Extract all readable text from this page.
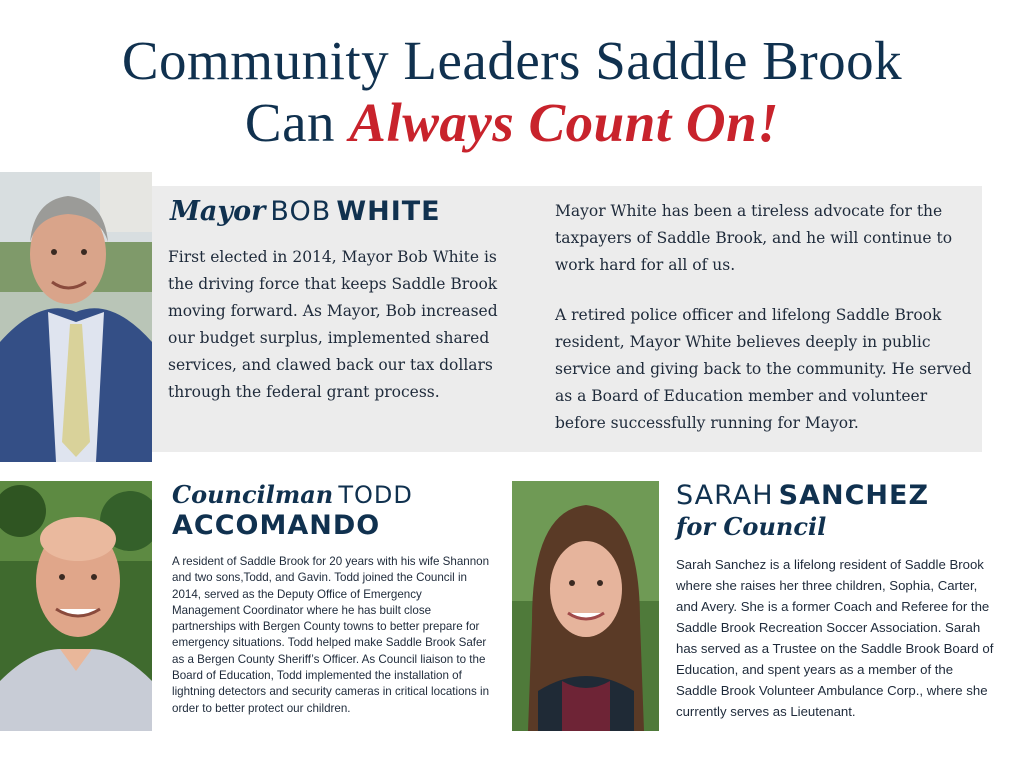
Community Leaders Saddle Brook
Can Always Count On!
Mayor BOB WHITE

First elected in 2014, Mayor Bob White is the driving force that keeps Saddle Brook moving forward. As Mayor, Bob increased our budget surplus, implemented shared services, and clawed back our tax dollars through the federal grant process.

Mayor White has been a tireless advocate for the taxpayers of Saddle Brook, and he will continue to work hard for all of us.

A retired police officer and lifelong Saddle Brook resident, Mayor White believes deeply in public service and giving back to the community. He served as a Board of Education member and volunteer before successfully running for Mayor.

Councilman TODD
ACCOMANDO

A resident of Saddle Brook for 20 years with his wife Shannon and two sons,Todd, and Gavin. Todd joined the Council in 2014, served as the Deputy Office of Emergency Management Coordinator where he has built close partnerships with Bergen County towns to better prepare for emergency situations. Todd helped make Saddle Brook Safer as a Bergen County Sheriff’s Officer. As Council liaison to the Board of Education, Todd implemented the installation of lightning detectors and security cameras in critical locations in order to better protect our children.

SARAH SANCHEZ
for Council

Sarah Sanchez is a lifelong resident of Saddle Brook where she raises her three children, Sophia, Carter, and Avery. She is a former Coach and Referee for the Saddle Brook Recreation Soccer Association. Sarah has served as a Trustee on the Saddle Brook Board of Education, and spent years as a member of the Saddle Brook Volunteer Ambulance Corp., where she currently serves as Lieutenant.
